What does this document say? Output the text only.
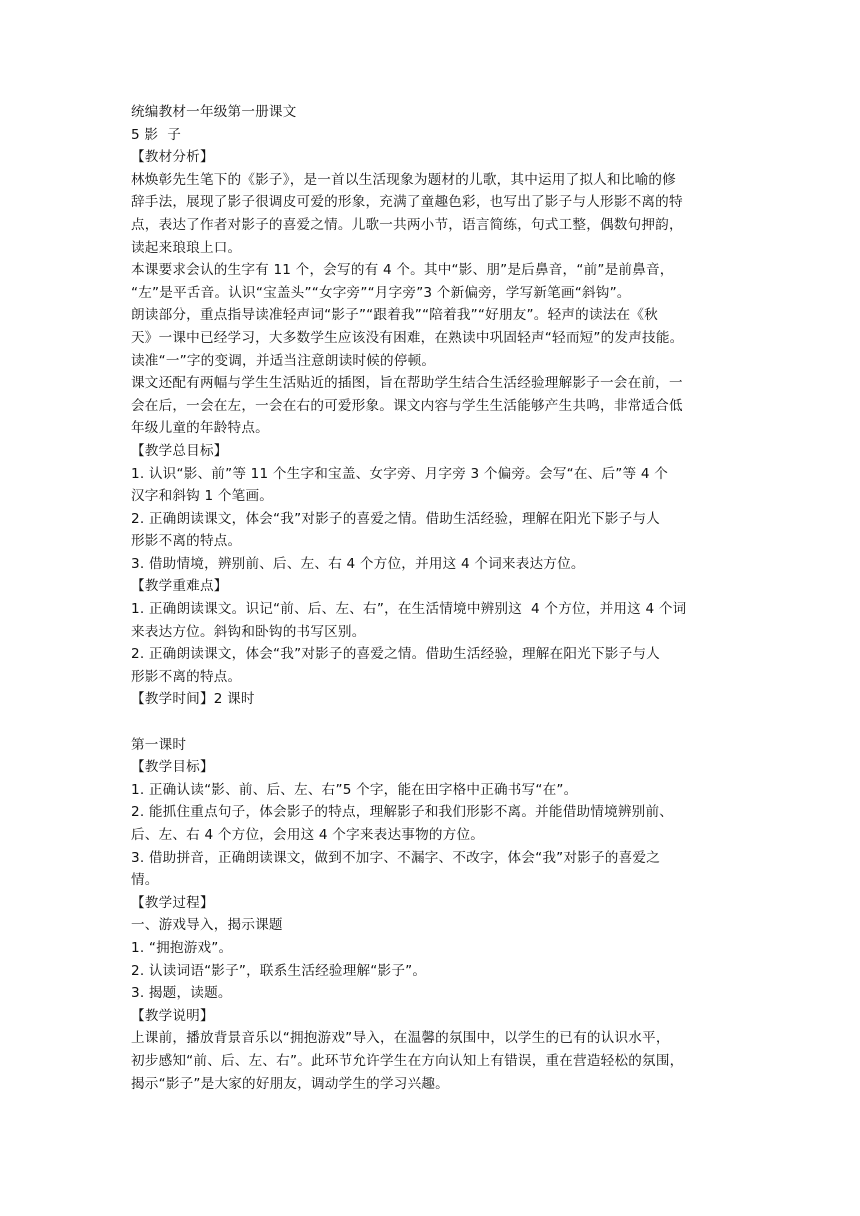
统编教材一年级第一册课文
5 影  子
【教材分析】
林焕彰先生笔下的《影子》，是一首以生活现象为题材的儿歌，其中运用了拟人和比喻的修
辞手法，展现了影子很调皮可爱的形象，充满了童趣色彩，也写出了影子与人形影不离的特
点，表达了作者对影子的喜爱之情。儿歌一共两小节，语言简练，句式工整，偶数句押韵，
读起来琅琅上口。
本课要求会认的生字有 11 个，会写的有 4 个。其中“影、朋”是后鼻音，“前”是前鼻音，
“左”是平舌音。认识“宝盖头”“女字旁”“月字旁”3 个新偏旁，学写新笔画“斜钩”。
朗读部分，重点指导读准轻声词“影子”“跟着我”“陪着我”“好朋友”。轻声的读法在《秋
天》一课中已经学习，大多数学生应该没有困难，在熟读中巩固轻声“轻而短”的发声技能。
读准“一”字的变调，并适当注意朗读时候的停顿。
课文还配有两幅与学生生活贴近的插图，旨在帮助学生结合生活经验理解影子一会在前，一
会在后，一会在左，一会在右的可爱形象。课文内容与学生生活能够产生共鸣，非常适合低
年级儿童的年龄特点。
【教学总目标】
1. 认识“影、前”等 11 个生字和宝盖、女字旁、月字旁 3 个偏旁。会写“在、后”等 4 个
汉字和斜钩 1 个笔画。
2. 正确朗读课文，体会“我”对影子的喜爱之情。借助生活经验，理解在阳光下影子与人
形影不离的特点。
3. 借助情境，辨别前、后、左、右 4 个方位，并用这 4 个词来表达方位。
【教学重难点】
1. 正确朗读课文。识记“前、后、左、右”，在生活情境中辨别这  4 个方位，并用这 4 个词
来表达方位。斜钩和卧钩的书写区别。
2. 正确朗读课文，体会“我”对影子的喜爱之情。借助生活经验，理解在阳光下影子与人
形影不离的特点。
【教学时间】2 课时
第一课时
【教学目标】
1. 正确认读“影、前、后、左、右”5 个字，能在田字格中正确书写“在”。
2. 能抓住重点句子，体会影子的特点，理解影子和我们形影不离。并能借助情境辨别前、
后、左、右 4 个方位，会用这 4 个字来表达事物的方位。
3. 借助拼音，正确朗读课文，做到不加字、不漏字、不改字，体会“我”对影子的喜爱之
情。
【教学过程】
一、游戏导入，揭示课题
1. “拥抱游戏”。
2. 认读词语“影子”，联系生活经验理解“影子”。
3. 揭题，读题。
【教学说明】
上课前，播放背景音乐以“拥抱游戏”导入，在温馨的氛围中，以学生的已有的认识水平，
初步感知“前、后、左、右”。此环节允许学生在方向认知上有错误，重在营造轻松的氛围，
揭示“影子”是大家的好朋友，调动学生的学习兴趣。
